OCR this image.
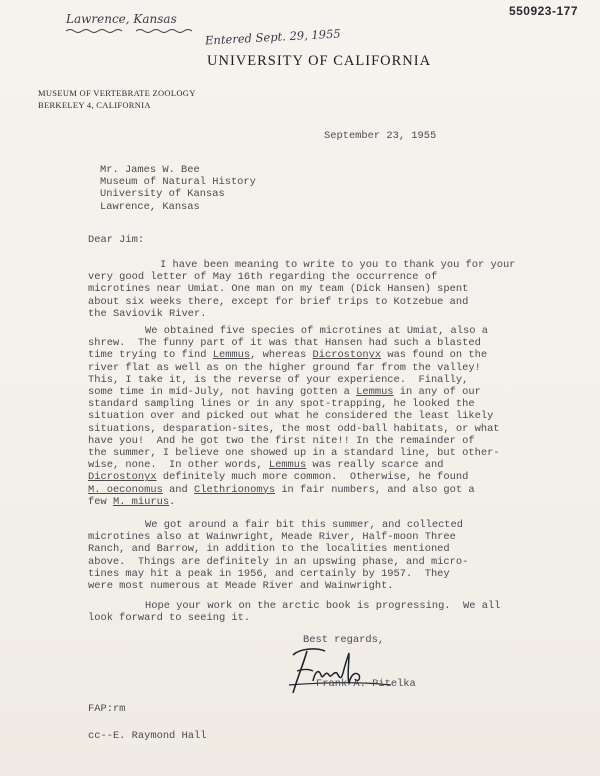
550923-177
Lawrence, Kansas
Entered Sept. 29, 1955
UNIVERSITY OF CALIFORNIA
MUSEUM OF VERTEBRATE ZOOLOGY
BERKELEY 4, CALIFORNIA
September 23, 1955
Mr. James W. Bee
Museum of Natural History
University of Kansas
Lawrence, Kansas
Dear Jim:

I have been meaning to write to you to thank you for your

very good letter of May 16th regarding the occurrence of

microtines near Umiat. One man on my team (Dick Hansen) spent

about six weeks there, except for brief trips to Kotzebue and

the Saviovik River.

We obtained five species of microtines at Umiat, also a

shrew.  The funny part of it was that Hansen had such a blasted

time trying to find Lemmus, whereas Dicrostonyx was found on the

river flat as well as on the higher ground far from the valley!

This, I take it, is the reverse of your experience.  Finally,

some time in mid-July, not having gotten a Lemmus in any of our

standard sampling lines or in any spot-trapping, he looked the

situation over and picked out what he considered the least likely

situations, desparation-sites, the most odd-ball habitats, or what

have you!  And he got two the first nite!! In the remainder of

the summer, I believe one showed up in a standard line, but other-

wise, none.  In other words, Lemmus was really scarce and

Dicrostonyx definitely much more common.  Otherwise, he found

M. oeconomus and Clethrionomys in fair numbers, and also got a

few M. miurus.

We got around a fair bit this summer, and collected

microtines also at Wainwright, Meade River, Half-moon Three

Ranch, and Barrow, in addition to the localities mentioned

above.  Things are definitely in an upswing phase, and micro-

tines may hit a peak in 1956, and certainly by 1957.  They

were most numerous at Meade River and Wainwright.

Hope your work on the arctic book is progressing.  We all

look forward to seeing it.

Best regards,
Frank A. Pitelka
FAP:rm
cc--E. Raymond Hall
